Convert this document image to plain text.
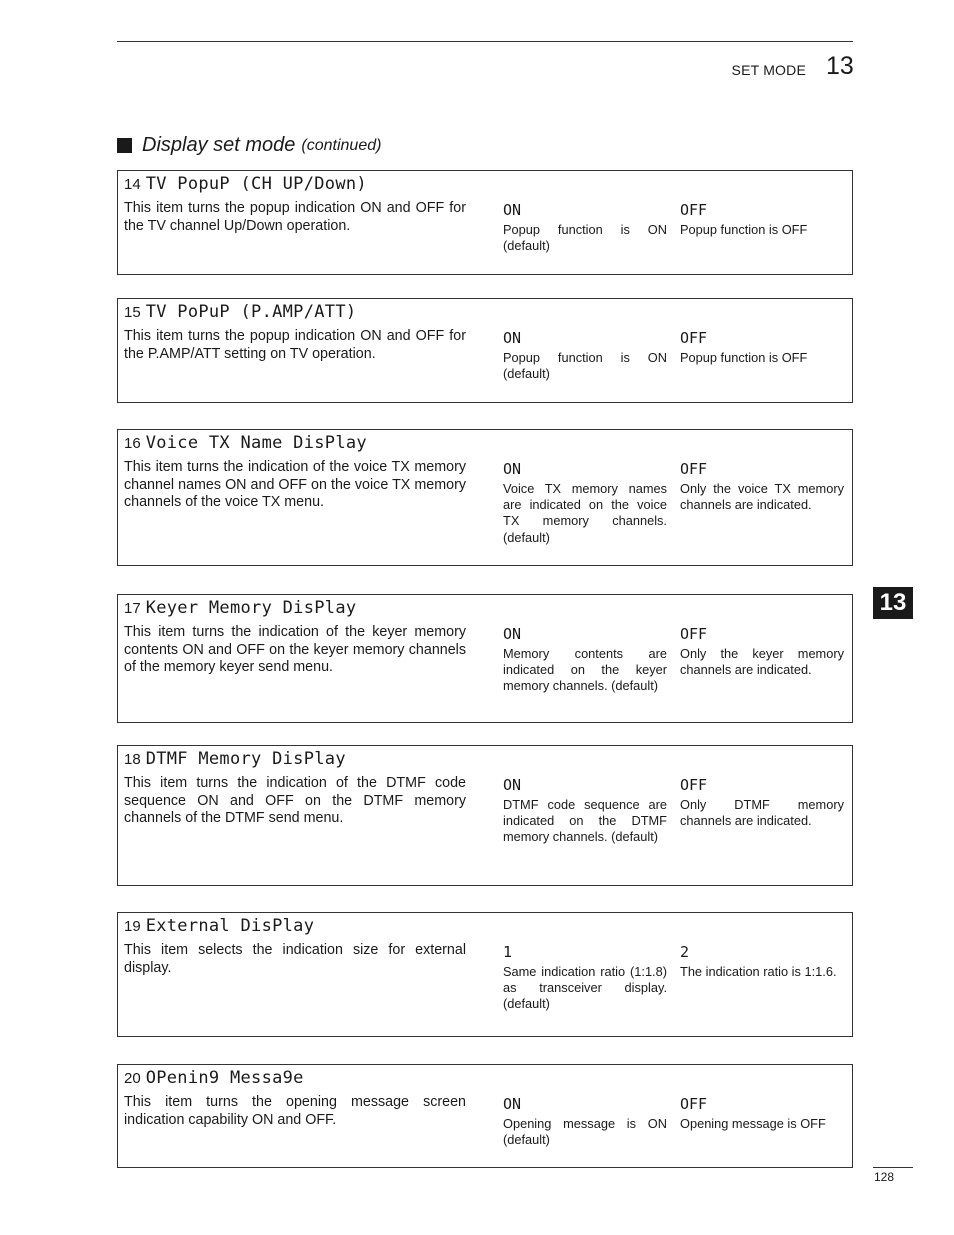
SET MODE 13
Display set mode (continued)
14 TV PopuP (CH UP/Down)
This item turns the popup indication ON and OFF for the TV channel Up/Down operation.
ON
Popup function is ON (default)
OFF
Popup function is OFF
15 TV PoPuP (P.AMP/ATT)
This item turns the popup indication ON and OFF for the P.AMP/ATT setting on TV operation.
ON
Popup function is ON (default)
OFF
Popup function is OFF
16 Voice TX Name DisPlay
This item turns the indication of the voice TX memory channel names ON and OFF on the voice TX memory channels of the voice TX menu.
ON
Voice TX memory names are indicated on the voice TX memory channels. (default)
OFF
Only the voice TX memory channels are indicated.
17 Keyer Memory DisPlay
This item turns the indication of the keyer memory contents ON and OFF on the keyer memory channels of the memory keyer send menu.
ON
Memory contents are indicated on the keyer memory channels. (default)
OFF
Only the keyer memory channels are indicated.
18 DTMF Memory DisPlay
This item turns the indication of the DTMF code sequence ON and OFF on the DTMF memory channels of the DTMF send menu.
ON
DTMF code sequence are indicated on the DTMF memory channels. (default)
OFF
Only DTMF memory channels are indicated.
19 External DisPlay
This item selects the indication size for external display.
1
Same indication ratio (1:1.8) as transceiver display. (default)
2
The indication ratio is 1:1.6.
20 OPenin9 Messa9e
This item turns the opening message screen indication capability ON and OFF.
ON
Opening message is ON (default)
OFF
Opening message is OFF
13
128
